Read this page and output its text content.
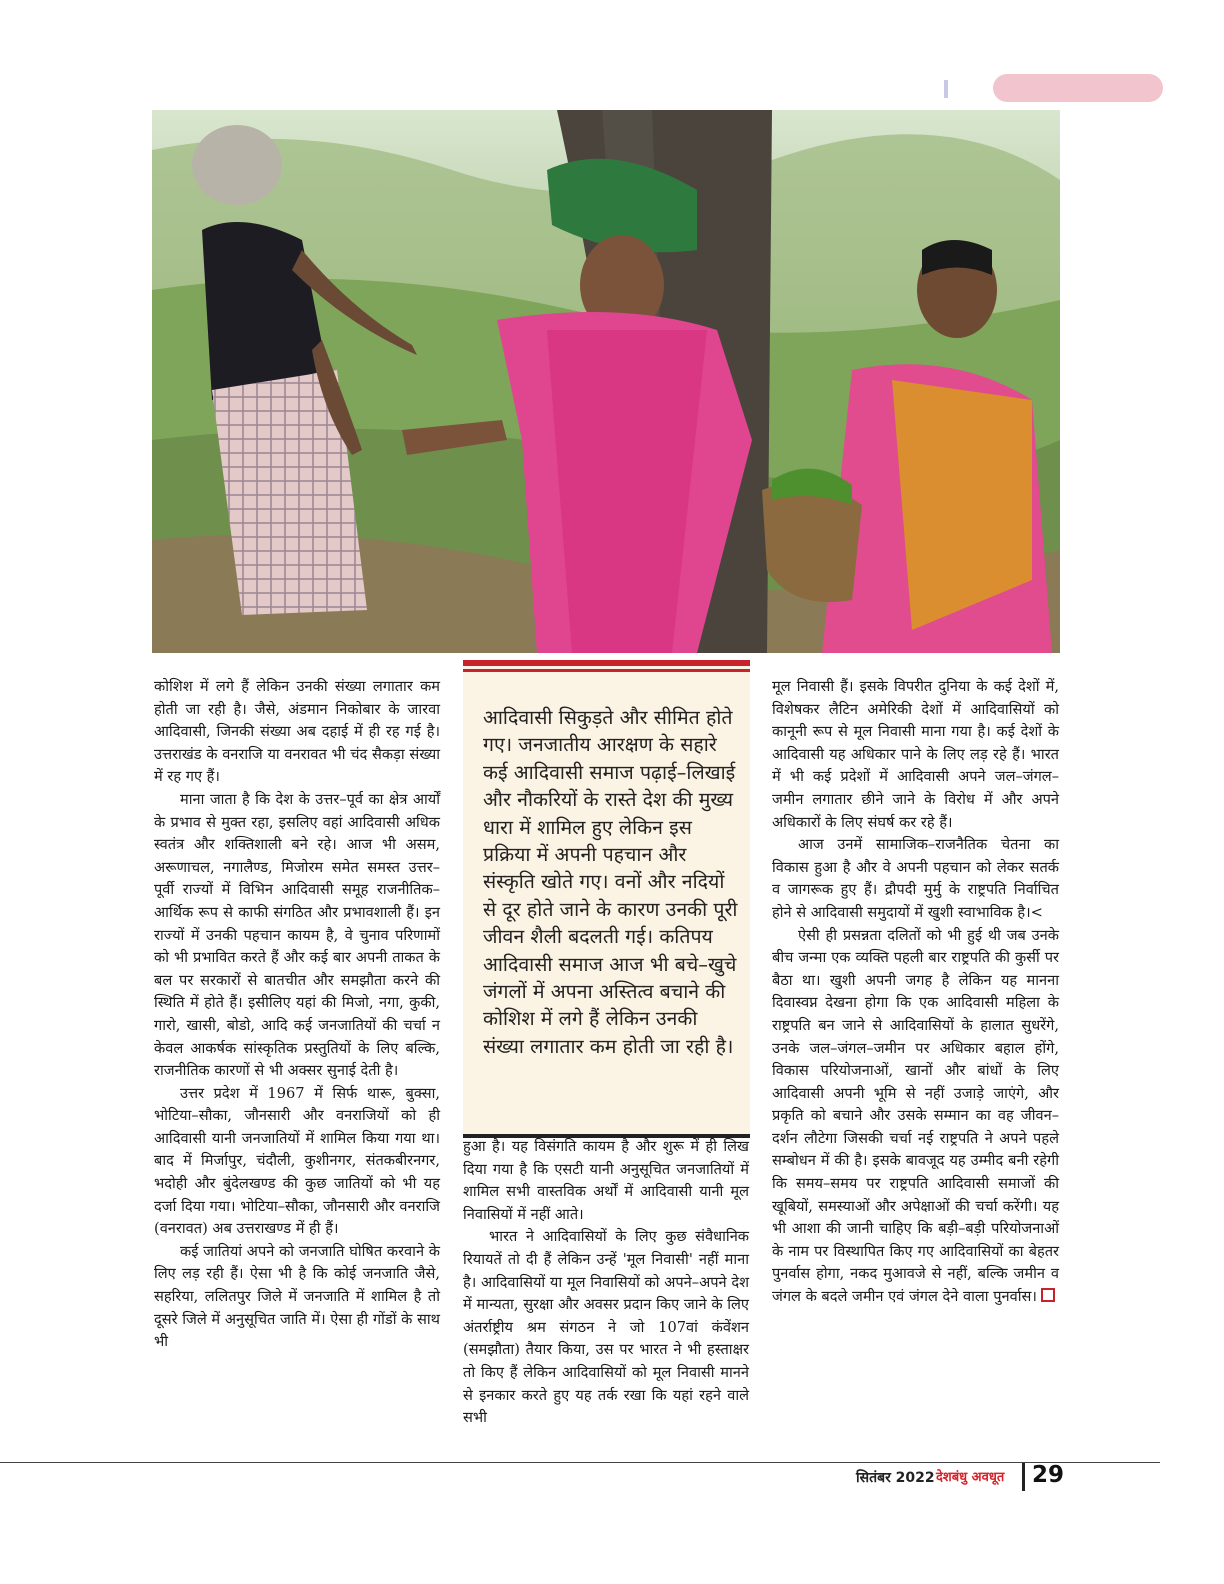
कोशिश में लगे हैं लेकिन उनकी संख्या लगातार कम होती जा रही है। जैसे, अंडमान निकोबार के जारवा आदिवासी, जिनकी संख्या अब दहाई में ही रह गई है। उत्तराखंड के वनराजि या वनरावत भी चंद सैकड़ा संख्या में रह गए हैं।

माना जाता है कि देश के उत्तर–पूर्व का क्षेत्र आर्यों के प्रभाव से मुक्त रहा, इसलिए वहां आदिवासी अधिक स्वतंत्र और शक्तिशाली बने रहे। आज भी असम, अरूणाचल, नगालैण्ड, मिजोरम समेत समस्त उत्तर–पूर्वी राज्यों में विभिन आदिवासी समूह राजनीतिक–आर्थिक रूप से काफी संगठित और प्रभावशाली हैं। इन राज्यों में उनकी पहचान कायम है, वे चुनाव परिणामों को भी प्रभावित करते हैं और कई बार अपनी ताकत के बल पर सरकारों से बातचीत और समझौता करने की स्थिति में होते हैं। इसीलिए यहां की मिजो, नगा, कुकी, गारो, खासी, बोडो, आदि कई जनजातियों की चर्चा न केवल आकर्षक सांस्कृतिक प्रस्तुतियों के लिए बल्कि, राजनीतिक कारणों से भी अक्सर सुनाई देती है।

उत्तर प्रदेश में 1967 में सिर्फ थारू, बुक्सा, भोटिया–सौका, जौनसारी और वनराजियों को ही आदिवासी यानी जनजातियों में शामिल किया गया था। बाद में मिर्जापुर, चंदौली, कुशीनगर, संतकबीरनगर, भदोही और बुंदेलखण्ड की कुछ जातियों को भी यह दर्जा दिया गया। भोटिया–सौका, जौनसारी और वनराजि (वनरावत) अब उत्तराखण्ड में ही हैं।

कई जातियां अपने को जनजाति घोषित करवाने के लिए लड़ रही हैं। ऐसा भी है कि कोई जनजाति जैसे, सहरिया, ललितपुर जिले में जनजाति में शामिल है तो दूसरे जिले में अनुसूचित जाति में। ऐसा ही गोंडों के साथ भी

आदिवासी सिकुड़ते और सीमित होते गए। जनजातीय आरक्षण के सहारे कई आदिवासी समाज पढ़ाई–लिखाई और नौकरियों के रास्ते देश की मुख्य धारा में शामिल हुए लेकिन इस प्रक्रिया में अपनी पहचान और संस्कृति खोते गए। वनों और नदियों से दूर होते जाने के कारण उनकी पूरी जीवन शैली बदलती गई। कतिपय आदिवासी समाज आज भी बचे–खुचे जंगलों में अपना अस्तित्व बचाने की कोशिश में लगे हैं लेकिन उनकी संख्या लगातार कम होती जा रही है।

हुआ है। यह विसंगति कायम है और शुरू में ही लिख दिया गया है कि एसटी यानी अनुसूचित जनजातियों में शामिल सभी वास्तविक अर्थों में आदिवासी यानी मूल निवासियों में नहीं आते।

भारत ने आदिवासियों के लिए कुछ संवैधानिक रियायतें तो दी हैं लेकिन उन्हें 'मूल निवासी' नहीं माना है। आदिवासियों या मूल निवासियों को अपने–अपने देश में मान्यता, सुरक्षा और अवसर प्रदान किए जाने के लिए अंतर्राष्ट्रीय श्रम संगठन ने जो 107वां कंवेंशन (समझौता) तैयार किया, उस पर भारत ने भी हस्ताक्षर तो किए हैं लेकिन आदिवासियों को मूल निवासी मानने से इनकार करते हुए यह तर्क रखा कि यहां रहने वाले सभी

मूल निवासी हैं। इसके विपरीत दुनिया के कई देशों में, विशेषकर लैटिन अमेरिकी देशों में आदिवासियों को कानूनी रूप से मूल निवासी माना गया है। कई देशों के आदिवासी यह अधिकार पाने के लिए लड़ रहे हैं। भारत में भी कई प्रदेशों में आदिवासी अपने जल–जंगल–जमीन लगातार छीने जाने के विरोध में और अपने अधिकारों के लिए संघर्ष कर रहे हैं।

आज उनमें सामाजिक–राजनैतिक चेतना का विकास हुआ है और वे अपनी पहचान को लेकर सतर्क व जागरूक हुए हैं। द्रौपदी मुर्मु के राष्ट्रपति निर्वाचित होने से आदिवासी समुदायों में खुशी स्वाभाविक है।<

ऐसी ही प्रसन्नता दलितों को भी हुई थी जब उनके बीच जन्मा एक व्यक्ति पहली बार राष्ट्रपति की कुर्सी पर बैठा था। खुशी अपनी जगह है लेकिन यह मानना दिवास्वप्न देखना होगा कि एक आदिवासी महिला के राष्ट्रपति बन जाने से आदिवासियों के हालात सुधरेंगे, उनके जल–जंगल–जमीन पर अधिकार बहाल होंगे, विकास परियोजनाओं, खानों और बांधों के लिए आदिवासी अपनी भूमि से नहीं उजाड़े जाएंगे, और प्रकृति को बचाने और उसके सम्मान का वह जीवन–दर्शन लौटेगा जिसकी चर्चा नई राष्ट्रपति ने अपने पहले सम्बोधन में की है। इसके बावजूद यह उम्मीद बनी रहेगी कि समय–समय पर राष्ट्रपति आदिवासी समाजों की खूबियों, समस्याओं और अपेक्षाओं की चर्चा करेंगी। यह भी आशा की जानी चाहिए कि बड़ी–बड़ी परियोजनाओं के नाम पर विस्थापित किए गए आदिवासियों का बेहतर पुनर्वास होगा, नकद मुआवजे से नहीं, बल्कि जमीन व जंगल के बदले जमीन एवं जंगल देने वाला पुनर्वास।

सितंबर 2022 देशबंधु अवधूत 29
